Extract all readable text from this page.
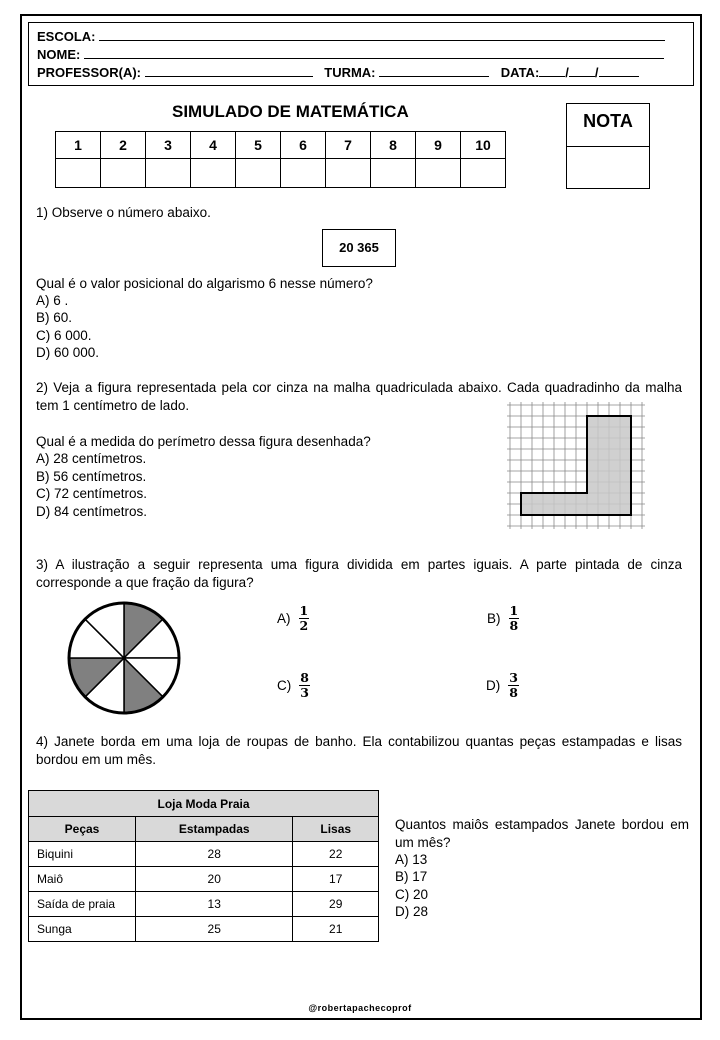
ESCOLA:
NOME:
PROFESSOR(A):	TURMA:	DATA: / /
SIMULADO DE MATEMÁTICA
1	2	3	4	5	6	7	8	9	10

NOTA
1) Observe o número abaixo.
20 365
Qual é o valor posicional do algarismo 6 nesse número?
A) 6 .
B) 60.
C) 6 000.
D) 60 000.
2) Veja a figura representada pela cor cinza na malha quadriculada abaixo. Cada quadradinho da malha tem 1 centímetro de lado.
Qual é a medida do perímetro dessa figura desenhada?
A) 28 centímetros.
B) 56 centímetros.
C) 72 centímetros.
D) 84 centímetros.
3) A ilustração a seguir representa uma figura dividida em partes iguais. A parte pintada de cinza corresponde a que fração da figura?
$A) \frac{1}{2}$	$B) \frac{1}{8}$
$C) \frac{8}{3}$	$D) \frac{3}{8}$
4) Janete borda em uma loja de roupas de banho. Ela contabilizou quantas peças estampadas e lisas bordou em um mês.
Loja Moda Praia		
Peças	Estampadas	Lisas
Biquini	28	22
Maiô	20	17
Saída de praia	13	29
Sunga	25	21
Quantos maiôs estampados Janete bordou em um mês?
A) 13
B) 17
C) 20
D) 28
@robertapachecoprof
